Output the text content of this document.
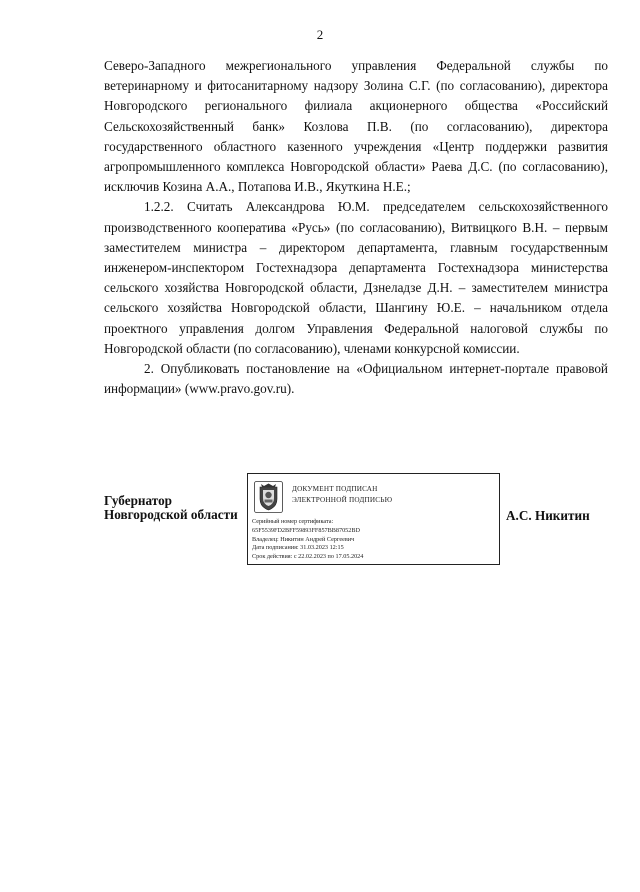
2

Северо-Западного межрегионального управления Федеральной службы по ветеринарному и фитосанитарному надзору Золина С.Г. (по согласованию), директора Новгородского регионального филиала акционерного общества «Российский Сельскохозяйственный банк» Козлова П.В. (по согласованию), директора государственного областного казенного учреждения «Центр поддержки развития агропромышленного комплекса Новгородской области» Раева Д.С. (по согласованию), исключив Козина А.А., Потапова И.В., Якуткина Н.Е.;

1.2.2. Считать Александрова Ю.М. председателем сельскохозяйственного производственного кооператива «Русь» (по согласованию), Витвицкого В.Н. – первым заместителем министра – директором департамента, главным государственным инженером-инспектором Гостехнадзора департамента Гостехнадзора министерства сельского хозяйства Новгородской области, Дзнеладзе Д.Н. – заместителем министра сельского хозяйства Новгородской области, Шангину Ю.Е. – начальником отдела проектного управления долгом Управления Федеральной налоговой службы по Новгородской области (по согласованию), членами конкурсной комиссии.

2. Опубликовать постановление на «Официальном интернет-портале правовой информации» (www.pravo.gov.ru).

Губернатор
Новгородской области
ДОКУМЕНТ ПОДПИСАН
ЭЛЕКТРОННОЙ ПОДПИСЬЮ
Серийный номер сертификата:
65F5539FD2BFF59893FF857BB87052BD
Владелец: Никитин Андрей Сергеевич
Дата подписания: 31.03.2023 12:15
Срок действия: с 22.02.2023 по 17.05.2024
А.С. Никитин
